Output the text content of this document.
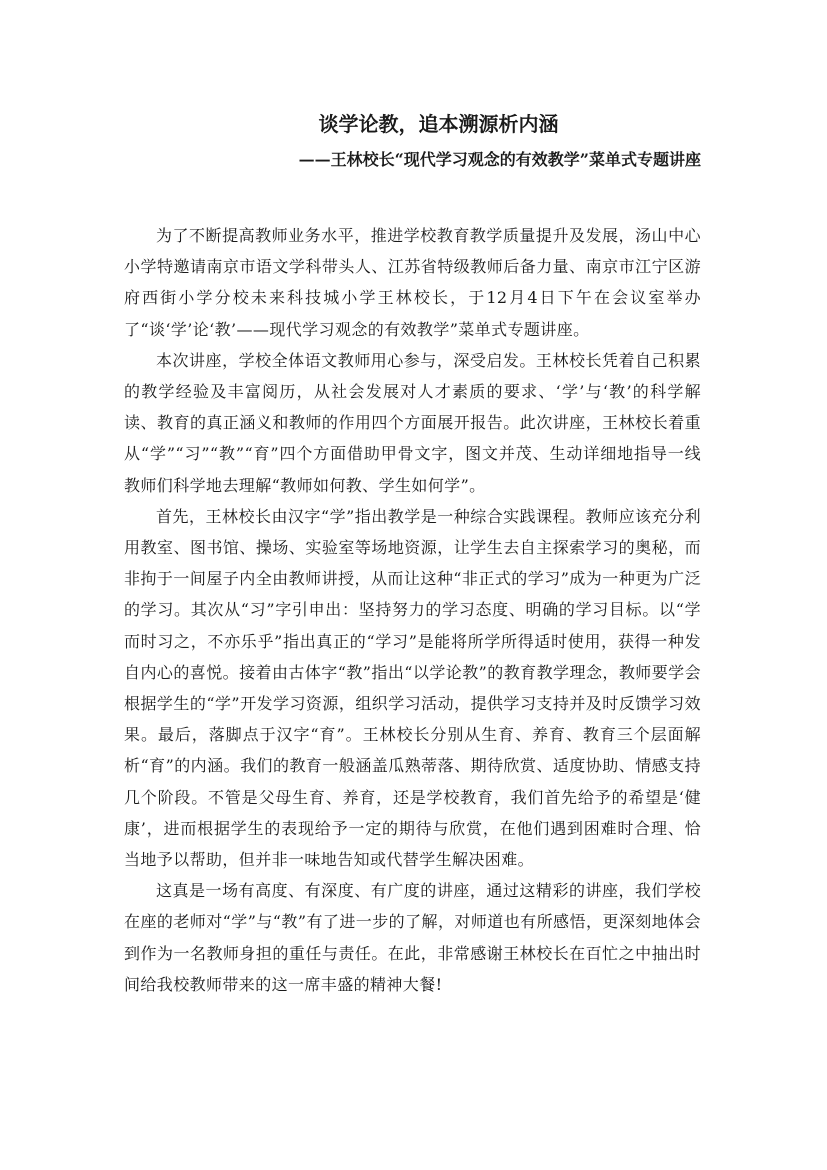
谈学论教，追本溯源析内涵
——王林校长“现代学习观念的有效教学”菜单式专题讲座

为了不断提高教师业务水平，推进学校教育教学质量提升及发展，汤山中心小学特邀请南京市语文学科带头人、江苏省特级教师后备力量、南京市江宁区游府西街小学分校未来科技城小学王林校长，于12月4日下午在会议室举办了“谈‘学’论‘教’——现代学习观念的有效教学”菜单式专题讲座。

本次讲座，学校全体语文教师用心参与，深受启发。王林校长凭着自己积累的教学经验及丰富阅历，从社会发展对人才素质的要求、‘学’与‘教’的科学解读、教育的真正涵义和教师的作用四个方面展开报告。此次讲座，王林校长着重从“学”“习”“教”“育”四个方面借助甲骨文字，图文并茂、生动详细地指导一线教师们科学地去理解“教师如何教、学生如何学”。

首先，王林校长由汉字“学”指出教学是一种综合实践课程。教师应该充分利用教室、图书馆、操场、实验室等场地资源，让学生去自主探索学习的奥秘，而非拘于一间屋子内全由教师讲授，从而让这种“非正式的学习”成为一种更为广泛的学习。其次从“习”字引申出：坚持努力的学习态度、明确的学习目标。以“学而时习之，不亦乐乎”指出真正的“学习”是能将所学所得适时使用，获得一种发自内心的喜悦。接着由古体字“教”指出“以学论教”的教育教学理念，教师要学会根据学生的“学”开发学习资源，组织学习活动，提供学习支持并及时反馈学习效果。最后，落脚点于汉字“育”。王林校长分别从生育、养育、教育三个层面解析“育”的内涵。我们的教育一般涵盖瓜熟蒂落、期待欣赏、适度协助、情感支持几个阶段。不管是父母生育、养育，还是学校教育，我们首先给予的希望是‘健康’，进而根据学生的表现给予一定的期待与欣赏，在他们遇到困难时合理、恰当地予以帮助，但并非一味地告知或代替学生解决困难。

这真是一场有高度、有深度、有广度的讲座，通过这精彩的讲座，我们学校在座的老师对“学”与“教”有了进一步的了解，对师道也有所感悟，更深刻地体会到作为一名教师身担的重任与责任。在此，非常感谢王林校长在百忙之中抽出时间给我校教师带来的这一席丰盛的精神大餐!
